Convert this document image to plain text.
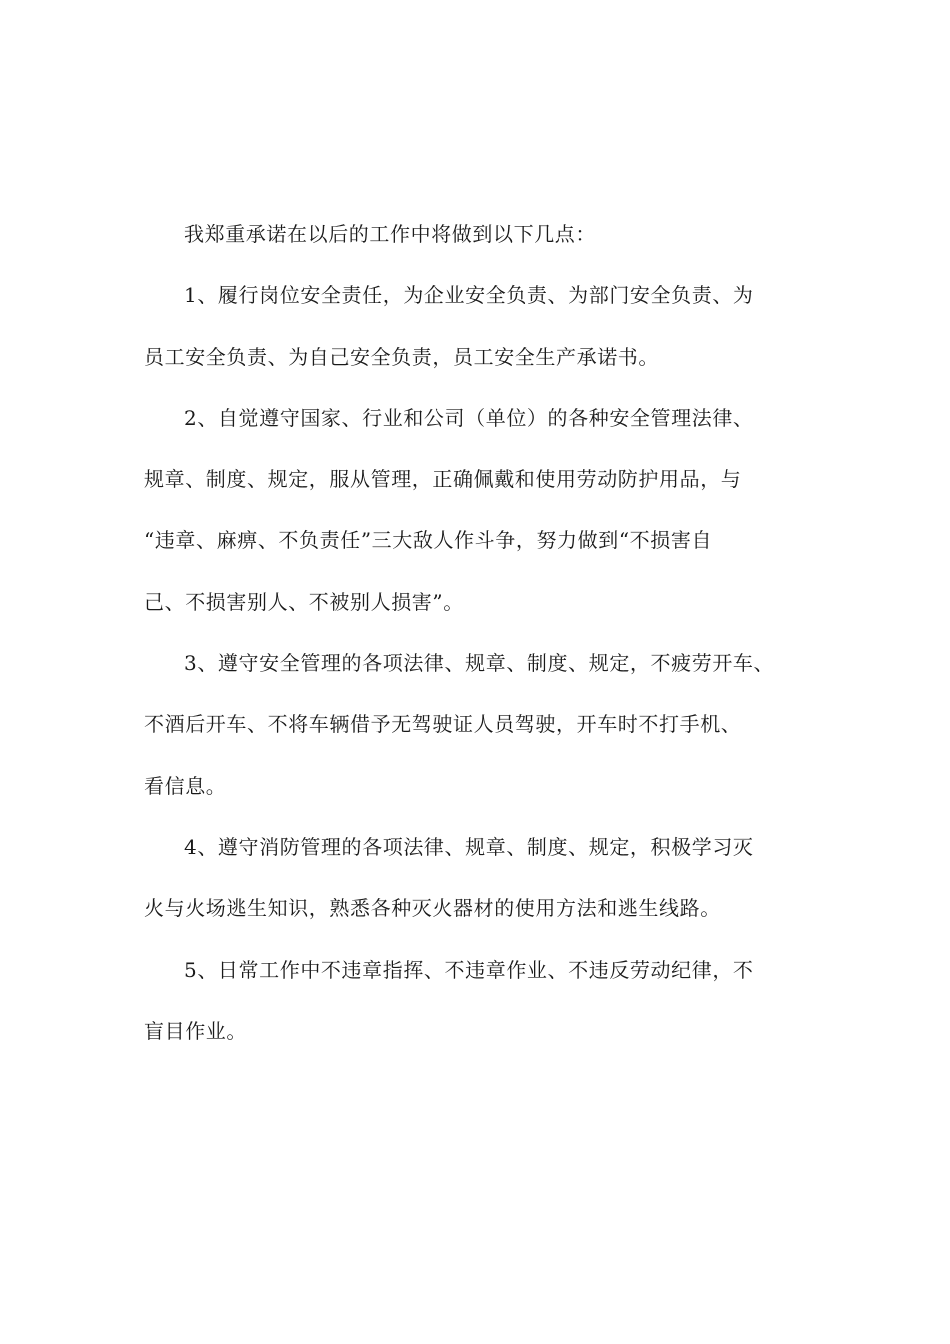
我郑重承诺在以后的工作中将做到以下几点：

1、履行岗位安全责任，为企业安全负责、为部门安全负责、为
员工安全负责、为自己安全负责，员工安全生产承诺书。

2、自觉遵守国家、行业和公司（单位）的各种安全管理法律、
规章、制度、规定，服从管理，正确佩戴和使用劳动防护用品，与
“违章、麻痹、不负责任”三大敌人作斗争，努力做到“不损害自
己、不损害别人、不被别人损害”。

3、遵守安全管理的各项法律、规章、制度、规定，不疲劳开车、
不酒后开车、不将车辆借予无驾驶证人员驾驶，开车时不打手机、
看信息。

4、遵守消防管理的各项法律、规章、制度、规定，积极学习灭
火与火场逃生知识，熟悉各种灭火器材的使用方法和逃生线路。

5、日常工作中不违章指挥、不违章作业、不违反劳动纪律，不
盲目作业。
